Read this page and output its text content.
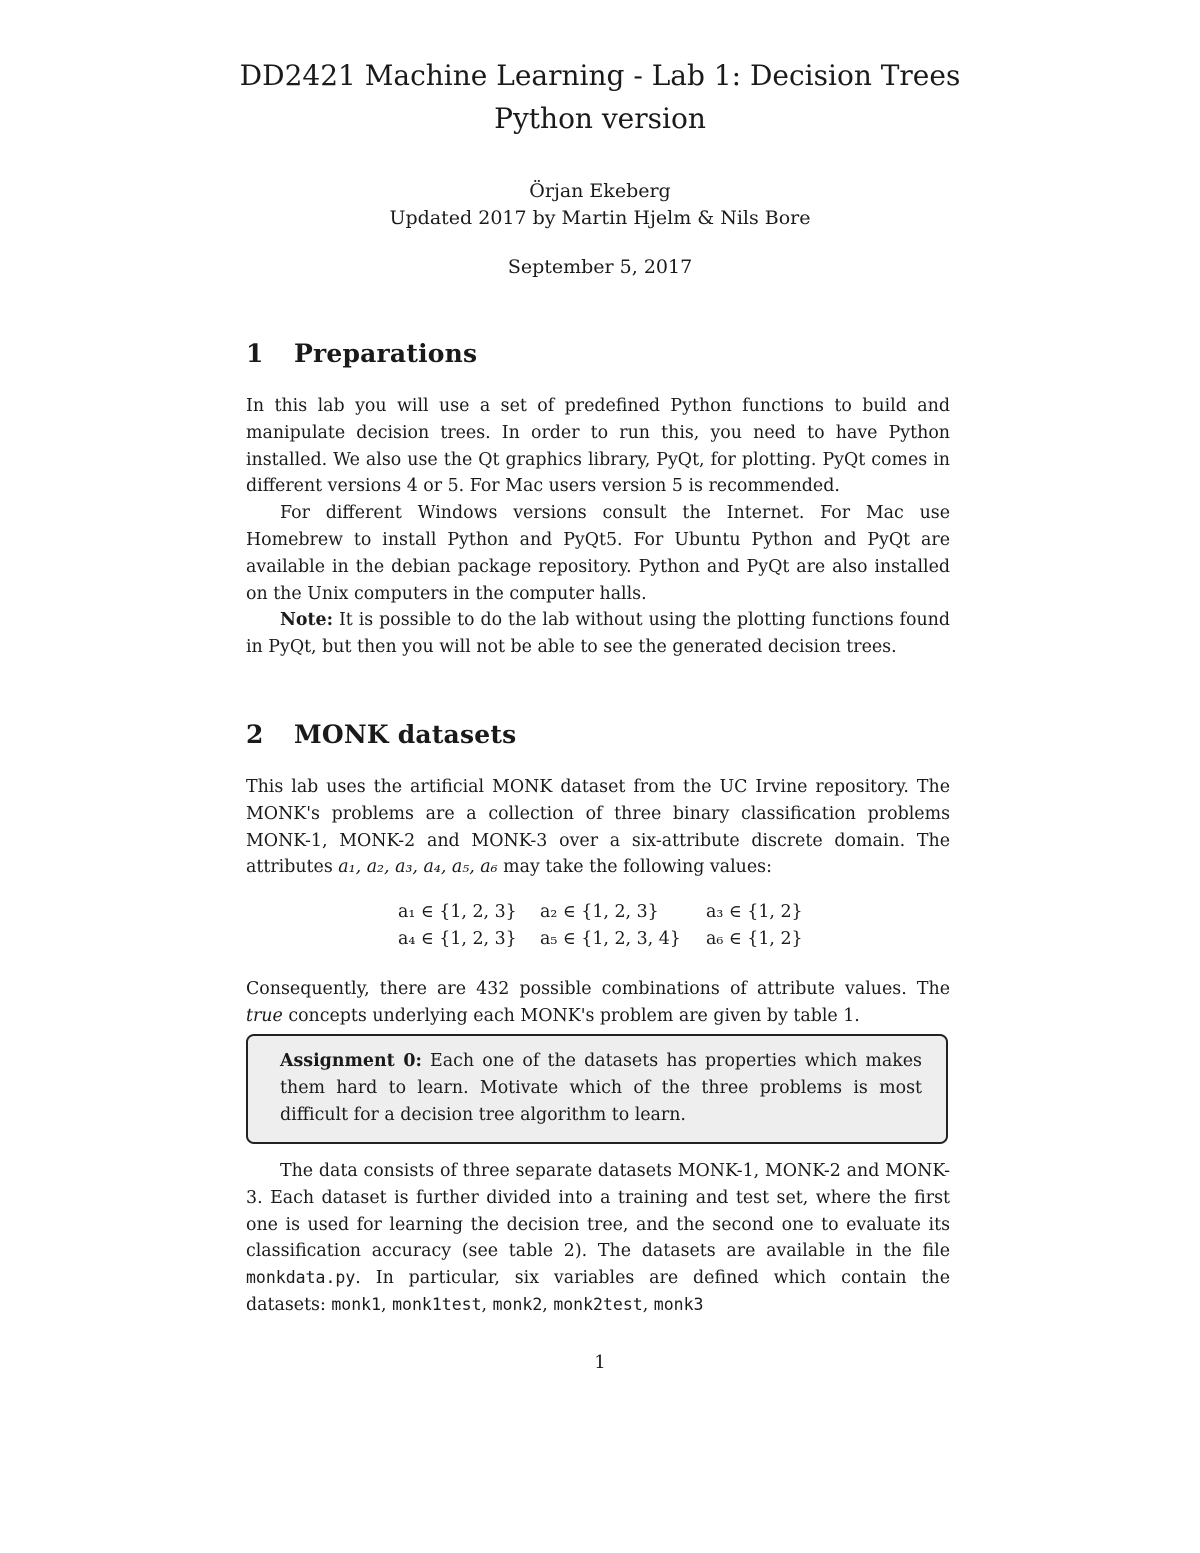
DD2421 Machine Learning - Lab 1: Decision Trees
Python version
Örjan Ekeberg
Updated 2017 by Martin Hjelm & Nils Bore
September 5, 2017
1 Preparations

In this lab you will use a set of predefined Python functions to build and manipulate decision trees. In order to run this, you need to have Python installed. We also use the Qt graphics library, PyQt, for plotting. PyQt comes in different versions 4 or 5. For Mac users version 5 is recommended.

For different Windows versions consult the Internet. For Mac use Homebrew to install Python and PyQt5. For Ubuntu Python and PyQt are available in the debian package repository. Python and PyQt are also installed on the Unix computers in the computer halls.

Note: It is possible to do the lab without using the plotting functions found in PyQt, but then you will not be able to see the generated decision trees.

2 MONK datasets

This lab uses the artificial MONK dataset from the UC Irvine repository. The MONK's problems are a collection of three binary classification problems MONK-1, MONK-2 and MONK-3 over a six-attribute discrete domain. The attributes a₁, a₂, a₃, a₄, a₅, a₆ may take the following values:

a₁ ∈ {1, 2, 3}	a₂ ∈ {1, 2, 3}	a₃ ∈ {1, 2}
a₄ ∈ {1, 2, 3}	a₅ ∈ {1, 2, 3, 4}	a₆ ∈ {1, 2}

Consequently, there are 432 possible combinations of attribute values. The true concepts underlying each MONK's problem are given by table 1.

Assignment 0: Each one of the datasets has properties which makes them hard to learn. Motivate which of the three problems is most difficult for a decision tree algorithm to learn.

The data consists of three separate datasets MONK-1, MONK-2 and MONK-3. Each dataset is further divided into a training and test set, where the first one is used for learning the decision tree, and the second one to evaluate its classification accuracy (see table 2). The datasets are available in the file monkdata.py. In particular, six variables are defined which contain the datasets: monk1, monk1test, monk2, monk2test, monk3

1
